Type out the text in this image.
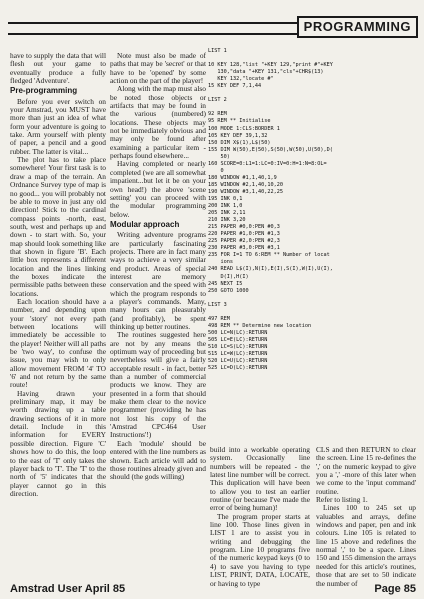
PROGRAMMING

have to supply the data that will flesh out your game to eventually produce a fully fledged 'Adventure'.

Pre-programming

Before you ever switch on your Amstrad, you MUST have more than just an idea of what form your adventure is going to take. Arm yourself with plenty of paper, a pencil and a good rubber. The latter is vital...

The plot has to take place somewhere! Your first task is to draw a map of the terrain. An Ordnance Survey type of map is no good... you will probably not be able to move in just any old direction! Stick to the cardinal compass points -north, east, south, west and perhaps up and down - to start with. So, your map should look something like that shown in figure 'B'. Each little box represents a different location and the lines linking the boxes indicate the permissible paths between these locations.

Each location should have a number, and depending upon your 'story' not every path between locations will immediately be accessible to the player! Neither will all paths be 'two way', to confuse the issue, you may wish to only allow movement FROM '4' TO '6' and not return by the same route!

Having drawn your preliminary map, it may be worth drawing up a table drawing sections of it in more detail. Include in this information for EVERY possible direction. Figure 'C' shows how to do this, the loop to the east of 'T' only takes the player back to 'T'. The 'T' to the north of '5' indicates that the player cannot go in this direction.

Note must also be made of paths that may be 'secret' or that have to be 'opened' by some action on the part of the player!

Along with the map must also be noted those objects or artifacts that may be found in the various (numbered) locations. These objects may not be immediately obvious and may only be found after examining a particular item -perhaps found elsewhere...

Having completed or nearly completed (we are all somewhat impatient...but let it be on your own head!) the above 'scene setting' you can proceed with the modular programming below.

Modular approach

Writing adventure programs are particularly fascinating projects. There are in fact many ways to achieve a very similar end product. Areas of special interest are memory conservation and the speed with which the program responds to a player's commands. Many, many hours can pleasurably (and profitably), be spent thinking up better routines.

The routines suggested here are not by any means the optimum way of proceeding but nevertheless will give a fairly acceptable result - in fact, better than a number of commercial products we know. They are presented in a form that should make them clear to the novice programmer (providing he has not lost his copy of the 'Amstrad CPC464 User Instructions'!)

Each 'module' should be entered with the line numbers as shown. Each article will add to those routines already given and should (the gods willing)

LIST 1

10 KEY 128,"list "+KEY 129,"print #"+KEY
130,"data "+KEY 131,"cls"+CHR$(13)
KEY 132,"locate #"
15 KEY DEF 7,1,44

LIST 2

92 REM
95 REM ** Initialise
100 MODE 1:CLS:BORDER 1
105 KEY DEF 39,1,32
150 DIM X$(1),L$(50)
155 DIM W(50),E(50),S(50),W(50),U(50),D(
50)
160 SCORE=0:L1=1:LC=0:IV=0:H=1:N=8:OL=
0
180 WINDOW #1,1,40,1,9
185 WINDOW #2,1,40,10,20
190 WINDOW #3,1,40,22,25
195 INK 0,1
200 INK 1,0
205 INK 2,11
210 INK 3,20
215 PAPER #0,0:PEN #0,3
220 PAPER #1,0:PEN #1,3
225 PAPER #2,0:PEN #2,3
230 PAPER #3,0:PEN #3,1
235 FOR I=1 TO 6:REM ** Number of locat
ions
240 READ L$(I),N(I),E(I),S(I),W(I),U(I),
D(I),H(I)
245 NEXT I5
250 GOTO 1000

LIST 3

497 REM
498 REM ** Determine new location
500 LC=N(LC):RETURN
505 LC=E(LC):RETURN
510 LC=S(LC):RETURN
515 LC=W(LC):RETURN
520 LC=U(LC):RETURN
525 LC=D(LC):RETURN

build into a workable operating system. Occasionally line numbers will be repeated - the latest line number will be correct. This duplication will have been to allow you to test an earlier routine (or because I've made the error of being human)!

The program proper starts at line 100. Those lines given in LIST 1 are to assist you in writing and debugging the program. Line 10 programs five of the numeric keypad keys (0 to 4) to save you having to type LIST, PRINT, DATA, LOCATE, or having to type

CLS and then RETURN to clear the screen. Line 15 re-defines the ',' on the numeric keypad to give you a ',' -more of this later when we come to the 'input command' routine.

Refer to listing 1.

Lines 100 to 245 set up valuables and arrays, define windows and paper, pen and ink colours. Line 105 is related to line 15 above and redefines the normal ',' to be a space. Lines 150 and 155 dimension the arrays needed for this article's routines, those that are set to 50 indicate the number of

Amstrad User April 85	Page 85
